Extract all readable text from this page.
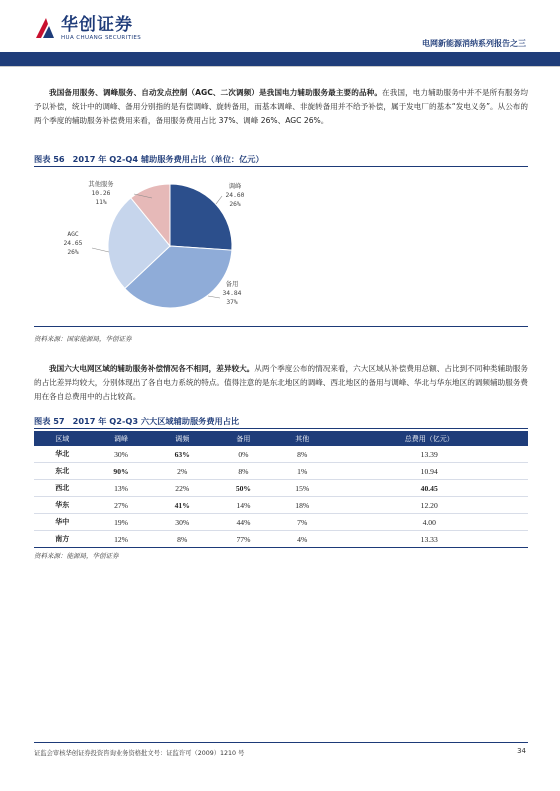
华创证券
HUA CHUANG SECURITIES
电网新能源消纳系列报告之三
我国备用服务、调峰服务、自动发点控制（AGC、二次调频）是我国电力辅助服务最主要的品种。在我国，电力辅助服务中并不是所有服务均予以补偿，统计中的调峰、备用分别指的是有偿调峰、旋转备用，而基本调峰、非旋转备用并不给予补偿，属于发电厂的基本“发电义务”。从公布的两个季度的辅助服务补偿费用来看，备用服务费用占比 37%、调峰 26%、AGC 26%。
图表 56 2017 年 Q2-Q4 辅助服务费用占比（单位：亿元）
调峰
24.60
26%
备用
34.84
37%
AGC
24.65
26%
其他服务
10.26
11%
资料来源：国家能源局，华创证券
我国六大电网区域的辅助服务补偿情况各不相同，差异较大。从两个季度公布的情况来看，六大区域从补偿费用总额、占比到不同种类辅助服务的占比差异均较大，分别体现出了各自电力系统的特点。值得注意的是东北地区的调峰、西北地区的备用与调峰、华北与华东地区的调频辅助服务费用在各自总费用中的占比较高。
图表 57 2017 年 Q2-Q3 六大区域辅助服务费用占比
区域	调峰	调频	备用	其他	总费用（亿元）
华北	30%	63%	0%	8%	13.39
东北	90%	2%	8%	1%	10.94
西北	13%	22%	50%	15%	40.45
华东	27%	41%	14%	18%	12.20
华中	19%	30%	44%	7%	4.00
南方	12%	8%	77%	4%	13.33
资料来源：能源局，华创证券
证监会审核华创证券投资咨询业务资格批文号：证监许可（2009）1210 号	34
